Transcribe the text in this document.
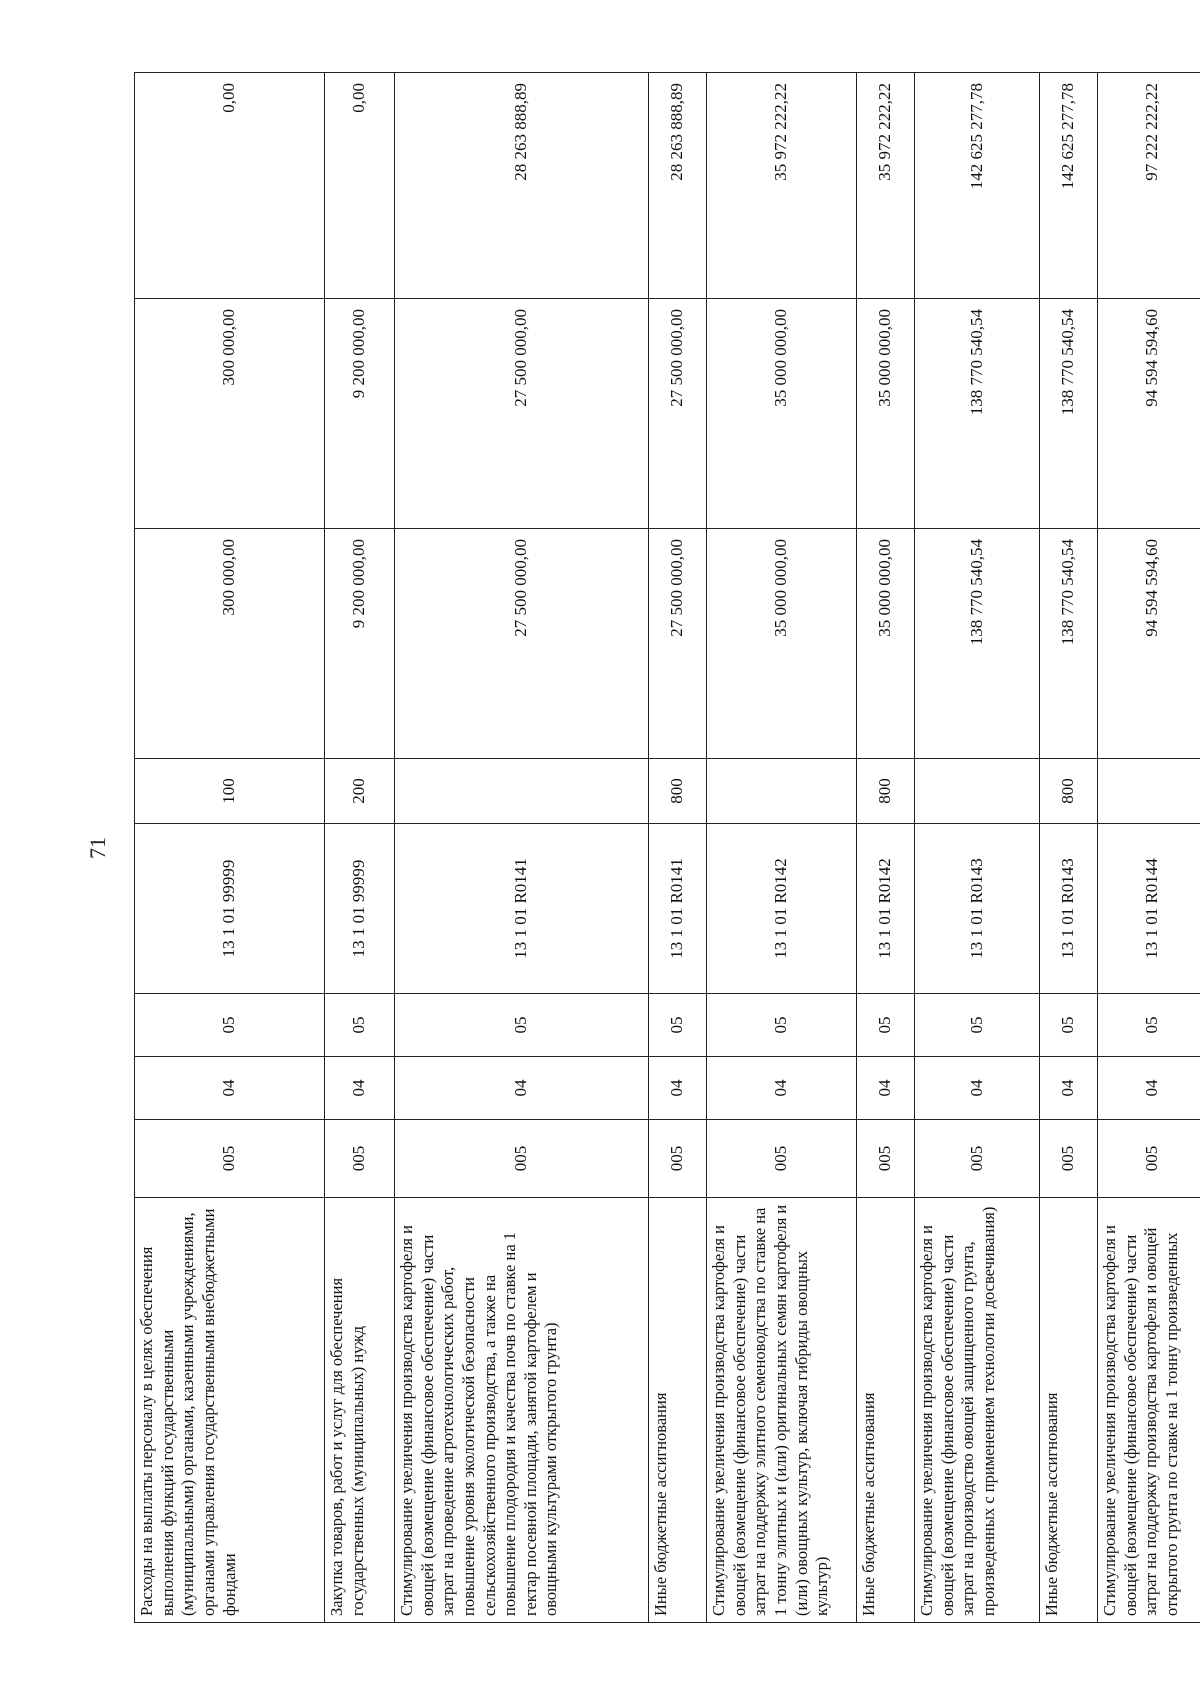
71
Расходы на выплаты персоналу в целях обеспечения выполнения функций государственными (муниципальными) органами, казенными учреждениями, органами управления государственными внебюджетными фондами	005	04	05	13 1 01 99999	100	300 000,00	300 000,00	0,00
Закупка товаров, работ и услуг для обеспечения государственных (муниципальных) нужд	005	04	05	13 1 01 99999	200	9 200 000,00	9 200 000,00	0,00
Стимулирование увеличения производства картофеля и овощей (возмещение (финансовое обеспечение) части затрат на проведение агротехнологических работ, повышение уровня экологической безопасности сельскохозяйственного производства, а также на повышение плодородия и качества почв по ставке на 1 гектар посевной площади, занятой картофелем и овощными культурами открытого грунта)	005	04	05	13 1 01 R0141		27 500 000,00	27 500 000,00	28 263 888,89
Иные бюджетные ассигнования	005	04	05	13 1 01 R0141	800	27 500 000,00	27 500 000,00	28 263 888,89
Стимулирование увеличения производства картофеля и овощей (возмещение (финансовое обеспечение) части затрат на поддержку элитного семеноводства по ставке на 1 тонну элитных и (или) оригинальных семян картофеля и (или) овощных культур, включая гибриды овощных культур)	005	04	05	13 1 01 R0142		35 000 000,00	35 000 000,00	35 972 222,22
Иные бюджетные ассигнования	005	04	05	13 1 01 R0142	800	35 000 000,00	35 000 000,00	35 972 222,22
Стимулирование увеличения производства картофеля и овощей (возмещение (финансовое обеспечение) части затрат на производство овощей защищенного грунта, произведенных с применением технологии досвечивания)	005	04	05	13 1 01 R0143		138 770 540,54	138 770 540,54	142 625 277,78
Иные бюджетные ассигнования	005	04	05	13 1 01 R0143	800	138 770 540,54	138 770 540,54	142 625 277,78
Стимулирование увеличения производства картофеля и овощей (возмещение (финансовое обеспечение) части затрат на поддержку производства картофеля и овощей открытого грунта по ставке на 1 тонну произведенных	005	04	05	13 1 01 R0144		94 594 594,60	94 594 594,60	97 222 222,22
